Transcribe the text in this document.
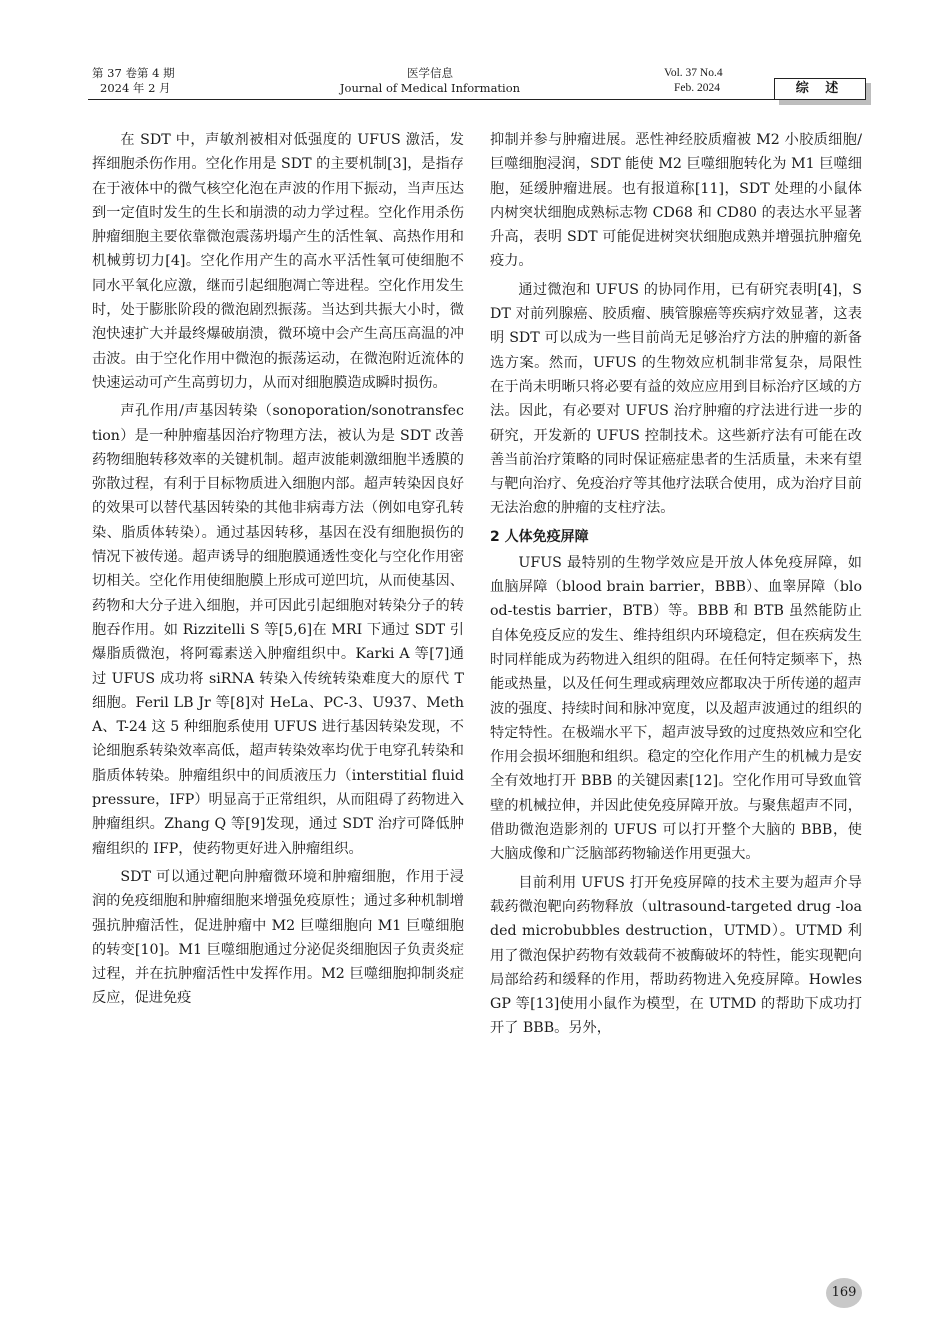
第 37 卷第 4 期
2024 年 2 月
医学信息
Journal of Medical Information
Vol. 37 No.4
Feb. 2024	综 述

在 SDT 中，声敏剂被相对低强度的 UFUS 激活，发挥细胞杀伤作用。空化作用是 SDT 的主要机制[3]，是指存在于液体中的微气核空化泡在声波的作用下振动，当声压达到一定值时发生的生长和崩溃的动力学过程。空化作用杀伤肿瘤细胞主要依靠微泡震荡坍塌产生的活性氧、高热作用和机械剪切力[4]。空化作用产生的高水平活性氧可使细胞不同水平氧化应激，继而引起细胞凋亡等进程。空化作用发生时，处于膨胀阶段的微泡剧烈振荡。当达到共振大小时，微泡快速扩大并最终爆破崩溃，微环境中会产生高压高温的冲击波。由于空化作用中微泡的振荡运动，在微泡附近流体的快速运动可产生高剪切力，从而对细胞膜造成瞬时损伤。

声孔作用/声基因转染（sonoporation/sonotransfection）是一种肿瘤基因治疗物理方法，被认为是 SDT 改善药物细胞转移效率的关键机制。超声波能刺激细胞半透膜的弥散过程，有利于目标物质进入细胞内部。超声转染因良好的效果可以替代基因转染的其他非病毒方法（例如电穿孔转染、脂质体转染）。通过基因转移，基因在没有细胞损伤的情况下被传递。超声诱导的细胞膜通透性变化与空化作用密切相关。空化作用使细胞膜上形成可逆凹坑，从而使基因、药物和大分子进入细胞，并可因此引起细胞对转染分子的转胞吞作用。如 Rizzitelli S 等[5,6]在 MRI 下通过 SDT 引爆脂质微泡，将阿霉素送入肿瘤组织中。Karki A 等[7]通过 UFUS 成功将 siRNA 转染入传统转染难度大的原代 T 细胞。Feril LB Jr 等[8]对 HeLa、PC-3、U937、Meth A、T-24 这 5 种细胞系使用 UFUS 进行基因转染发现，不论细胞系转染效率高低，超声转染效率均优于电穿孔转染和脂质体转染。肿瘤组织中的间质液压力（interstitial fluid pressure，IFP）明显高于正常组织，从而阻碍了药物进入肿瘤组织。Zhang Q 等[9]发现，通过 SDT 治疗可降低肿瘤组织的 IFP，使药物更好进入肿瘤组织。

SDT 可以通过靶向肿瘤微环境和肿瘤细胞，作用于浸润的免疫细胞和肿瘤细胞来增强免疫原性；通过多种机制增强抗肿瘤活性，促进肿瘤中 M2 巨噬细胞向 M1 巨噬细胞的转变[10]。M1 巨噬细胞通过分泌促炎细胞因子负责炎症过程，并在抗肿瘤活性中发挥作用。M2 巨噬细胞抑制炎症反应，促进免疫

抑制并参与肿瘤进展。恶性神经胶质瘤被 M2 小胶质细胞/巨噬细胞浸润，SDT 能使 M2 巨噬细胞转化为 M1 巨噬细胞，延缓肿瘤进展。也有报道称[11]，SDT 处理的小鼠体内树突状细胞成熟标志物 CD68 和 CD80 的表达水平显著升高，表明 SDT 可能促进树突状细胞成熟并增强抗肿瘤免疫力。

通过微泡和 UFUS 的协同作用，已有研究表明[4]，SDT 对前列腺癌、胶质瘤、胰管腺癌等疾病疗效显著，这表明 SDT 可以成为一些目前尚无足够治疗方法的肿瘤的新备选方案。然而，UFUS 的生物效应机制非常复杂，局限性在于尚未明晰只将必要有益的效应应用到目标治疗区域的方法。因此，有必要对 UFUS 治疗肿瘤的疗法进行进一步的研究，开发新的 UFUS 控制技术。这些新疗法有可能在改善当前治疗策略的同时保证癌症患者的生活质量，未来有望与靶向治疗、免疫治疗等其他疗法联合使用，成为治疗目前无法治愈的肿瘤的支柱疗法。

2 人体免疫屏障

UFUS 最特别的生物学效应是开放人体免疫屏障，如血脑屏障（blood brain barrier，BBB）、血睾屏障（blood-testis barrier，BTB）等。BBB 和 BTB 虽然能防止自体免疫反应的发生、维持组织内环境稳定，但在疾病发生时同样能成为药物进入组织的阻碍。在任何特定频率下，热能或热量，以及任何生理或病理效应都取决于所传递的超声波的强度、持续时间和脉冲宽度，以及超声波通过的组织的特定特性。在极端水平下，超声波导致的过度热效应和空化作用会损坏细胞和组织。稳定的空化作用产生的机械力是安全有效地打开 BBB 的关键因素[12]。空化作用可导致血管壁的机械拉伸，并因此使免疫屏障开放。与聚焦超声不同，借助微泡造影剂的 UFUS 可以打开整个大脑的 BBB，使大脑成像和广泛脑部药物输送作用更强大。

目前利用 UFUS 打开免疫屏障的技术主要为超声介导载药微泡靶向药物释放（ultrasound-targeted drug -loaded microbubbles destruction，UTMD）。UTMD 利用了微泡保护药物有效载荷不被酶破坏的特性，能实现靶向局部给药和缓释的作用，帮助药物进入免疫屏障。Howles GP 等[13]使用小鼠作为模型，在 UTMD 的帮助下成功打开了 BBB。另外，

169
